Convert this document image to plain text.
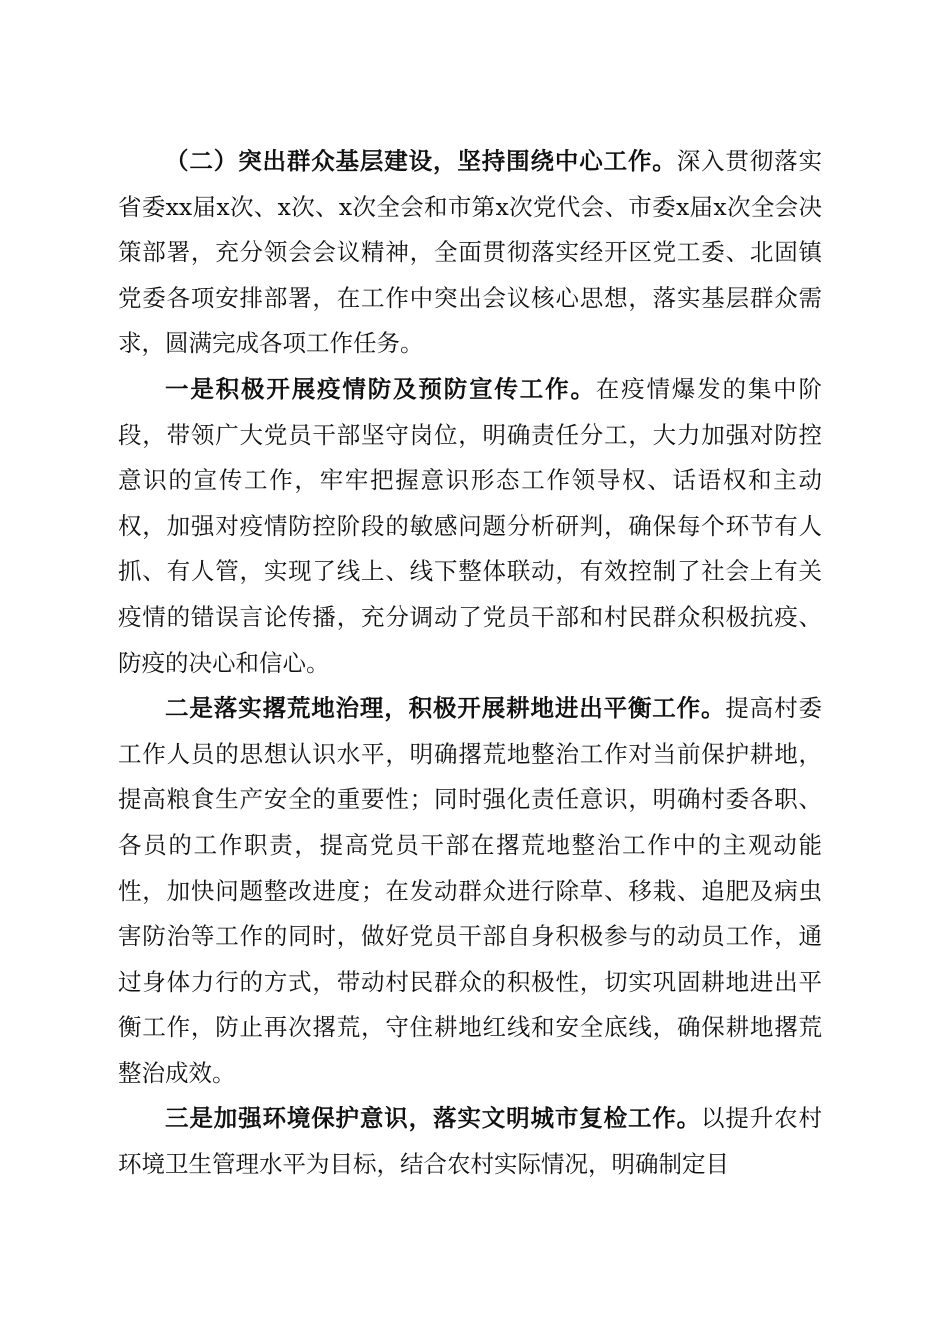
（二）突出群众基层建设，坚持围绕中心工作。深入贯彻落实省委xx届x次、x次、x次全会和市第x次党代会、市委x届x次全会决策部署，充分领会会议精神，全面贯彻落实经开区党工委、北固镇党委各项安排部署，在工作中突出会议核心思想，落实基层群众需求，圆满完成各项工作任务。

一是积极开展疫情防及预防宣传工作。在疫情爆发的集中阶段，带领广大党员干部坚守岗位，明确责任分工，大力加强对防控意识的宣传工作，牢牢把握意识形态工作领导权、话语权和主动权，加强对疫情防控阶段的敏感问题分析研判，确保每个环节有人抓、有人管，实现了线上、线下整体联动，有效控制了社会上有关疫情的错误言论传播，充分调动了党员干部和村民群众积极抗疫、防疫的决心和信心。

二是落实撂荒地治理，积极开展耕地进出平衡工作。提高村委工作人员的思想认识水平，明确撂荒地整治工作对当前保护耕地，提高粮食生产安全的重要性；同时强化责任意识，明确村委各职、各员的工作职责，提高党员干部在撂荒地整治工作中的主观动能性，加快问题整改进度；在发动群众进行除草、移栽、追肥及病虫害防治等工作的同时，做好党员干部自身积极参与的动员工作，通过身体力行的方式，带动村民群众的积极性，切实巩固耕地进出平衡工作，防止再次撂荒，守住耕地红线和安全底线，确保耕地撂荒整治成效。

三是加强环境保护意识，落实文明城市复检工作。以提升农村环境卫生管理水平为目标，结合农村实际情况，明确制定目
